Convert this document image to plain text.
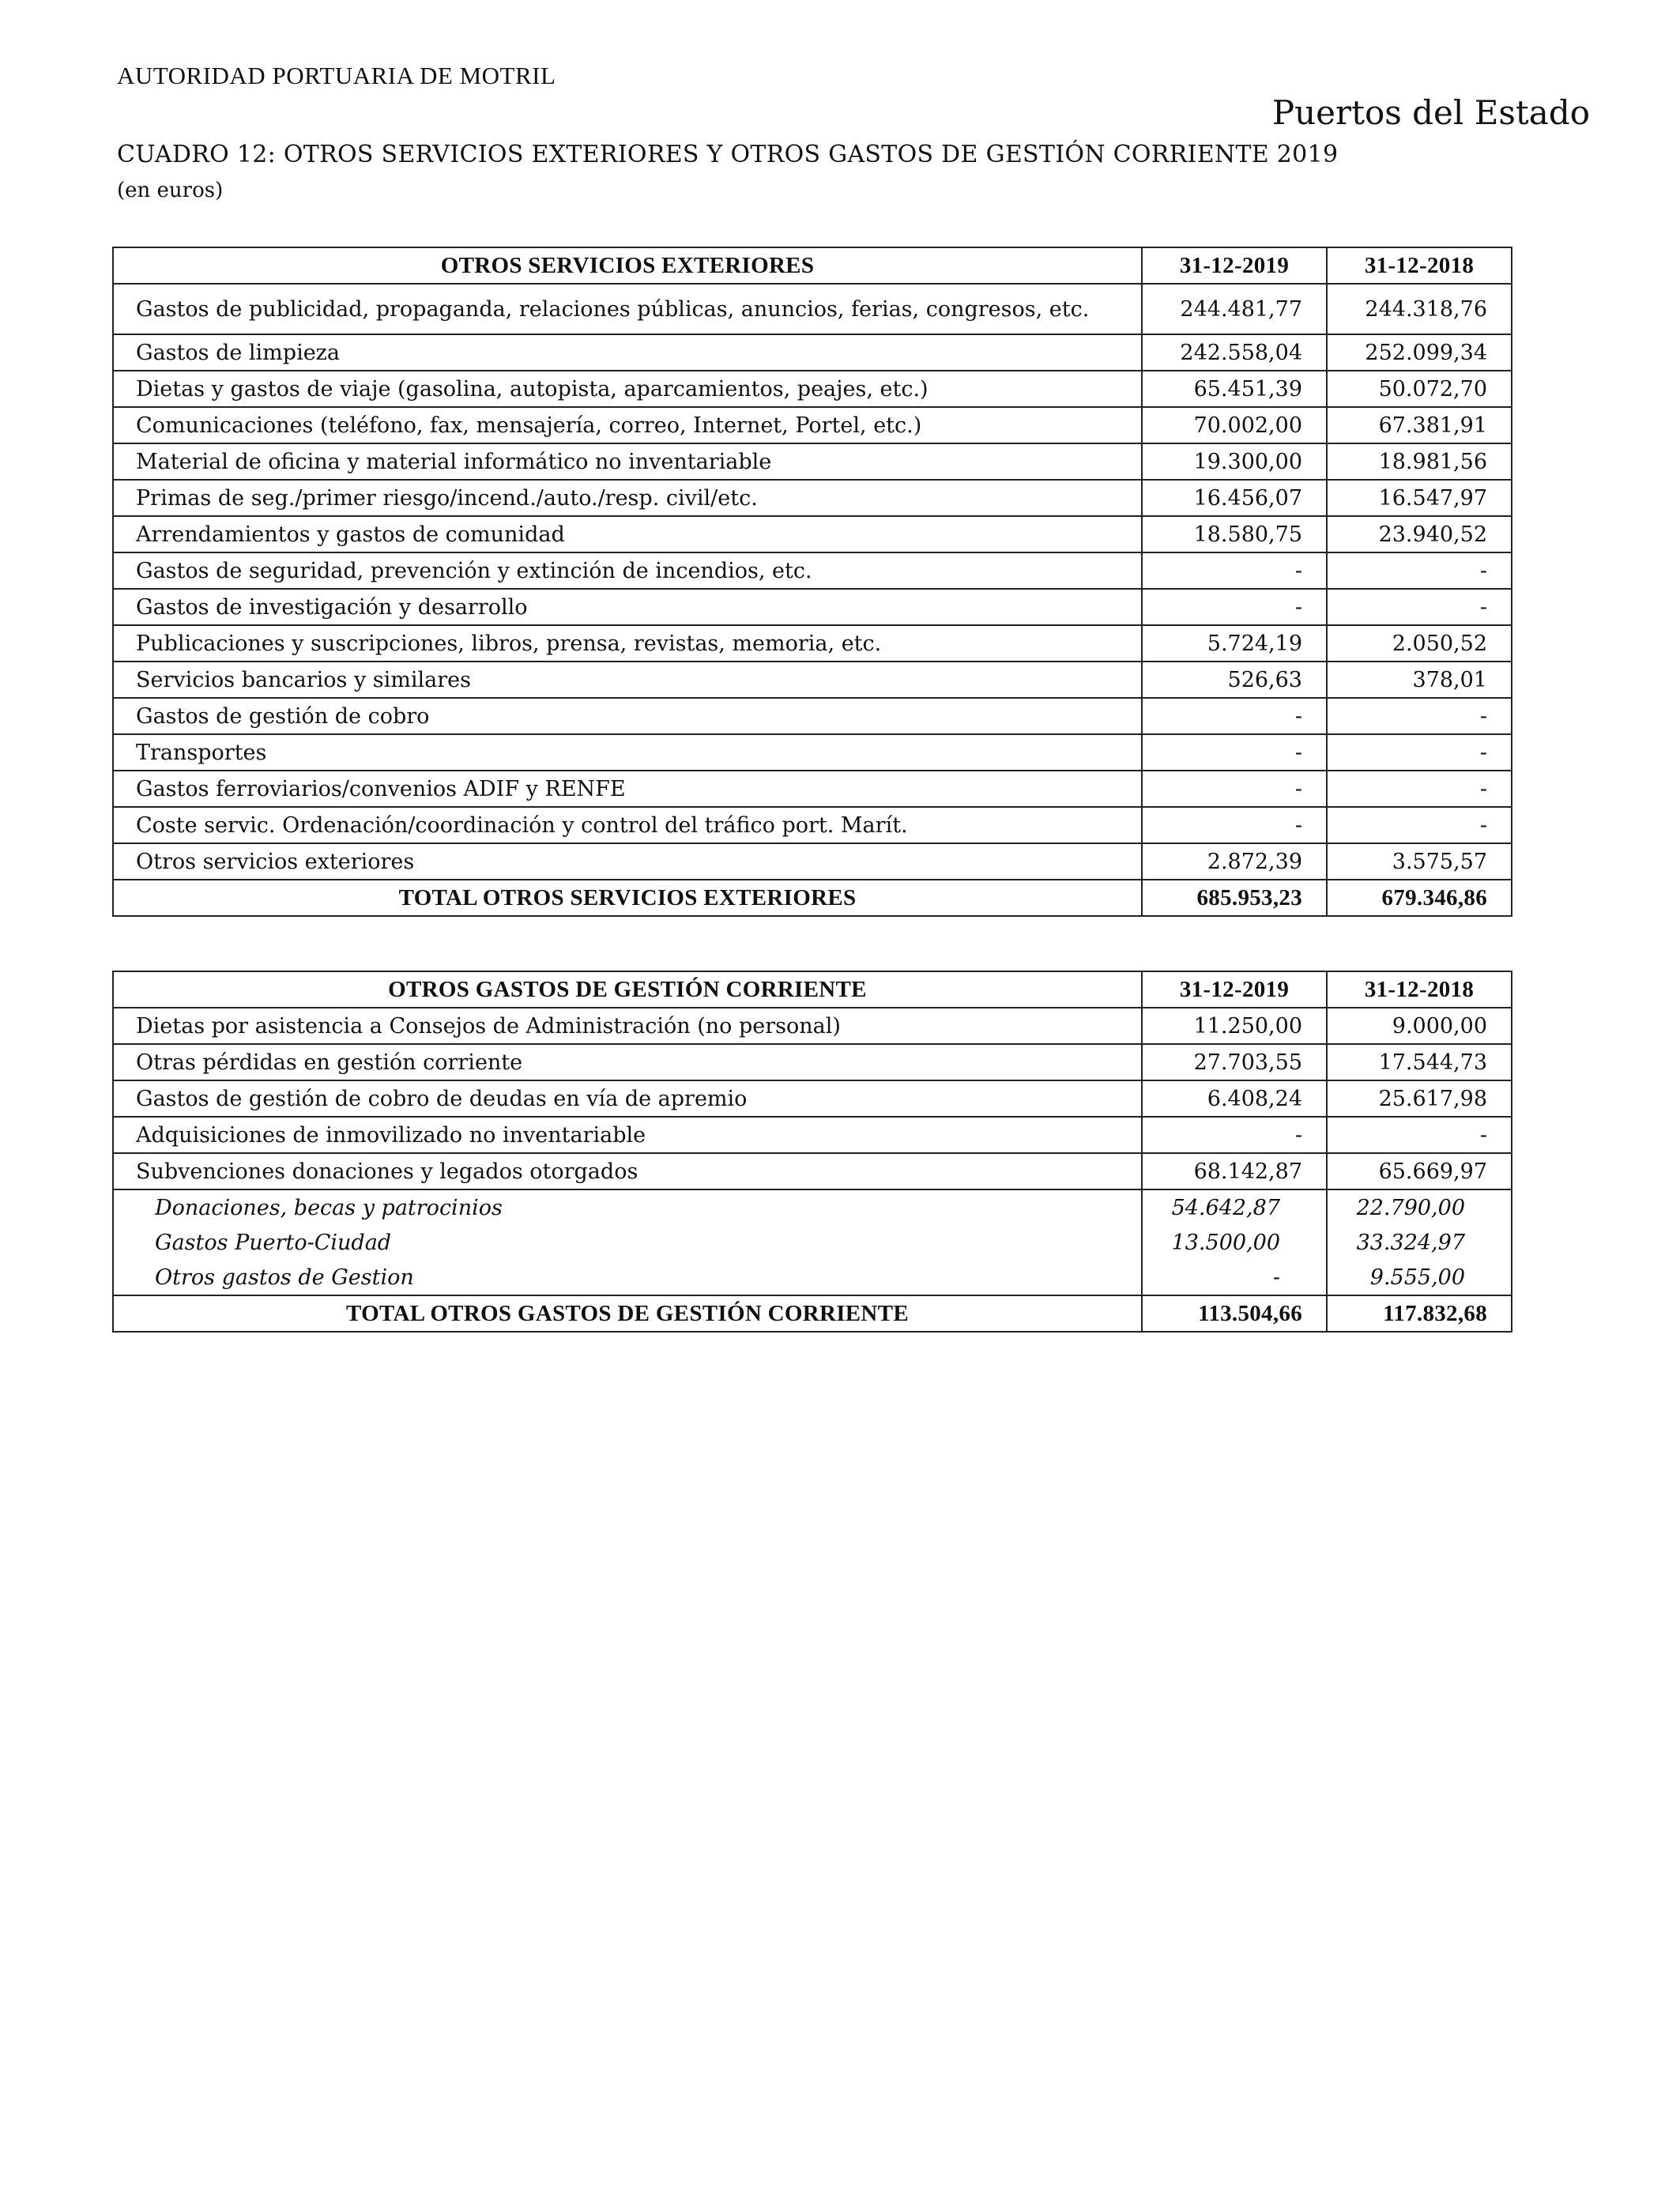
AUTORIDAD PORTUARIA DE MOTRIL
Puertos del Estado
CUADRO 12: OTROS SERVICIOS EXTERIORES Y OTROS GASTOS DE GESTIÓN CORRIENTE 2019
(en euros)
OTROS SERVICIOS EXTERIORES	31-12-2019	31-12-2018
Gastos de publicidad, propaganda, relaciones públicas, anuncios, ferias, congresos, etc.	244.481,77	244.318,76
Gastos de limpieza	242.558,04	252.099,34
Dietas y gastos de viaje (gasolina, autopista, aparcamientos, peajes, etc.)	65.451,39	50.072,70
Comunicaciones (teléfono, fax, mensajería, correo, Internet, Portel, etc.)	70.002,00	67.381,91
Material de oficina y material informático no inventariable	19.300,00	18.981,56
Primas de seg./primer riesgo/incend./auto./resp. civil/etc.	16.456,07	16.547,97
Arrendamientos y gastos de comunidad	18.580,75	23.940,52
Gastos de seguridad, prevención y extinción de incendios, etc.	-	-
Gastos de investigación y desarrollo	-	-
Publicaciones y suscripciones, libros, prensa, revistas, memoria, etc.	5.724,19	2.050,52
Servicios bancarios y similares	526,63	378,01
Gastos de gestión de cobro	-	-
Transportes	-	-
Gastos ferroviarios/convenios ADIF y RENFE	-	-
Coste servic. Ordenación/coordinación y control del tráfico port. Marít.	-	-
Otros servicios exteriores	2.872,39	3.575,57
TOTAL OTROS SERVICIOS EXTERIORES	685.953,23	679.346,86
OTROS GASTOS DE GESTIÓN CORRIENTE	31-12-2019	31-12-2018
Dietas por asistencia a Consejos de Administración (no personal)	11.250,00	9.000,00
Otras pérdidas en gestión corriente	27.703,55	17.544,73
Gastos de gestión de cobro de deudas en vía de apremio	6.408,24	25.617,98
Adquisiciones de inmovilizado no inventariable	-	-
Subvenciones donaciones y legados otorgados	68.142,87	65.669,97
Donaciones, becas y patrocinios	54.642,87	22.790,00
Gastos Puerto-Ciudad	13.500,00	33.324,97
Otros gastos de Gestion	-	9.555,00
TOTAL OTROS GASTOS DE GESTIÓN CORRIENTE	113.504,66	117.832,68
